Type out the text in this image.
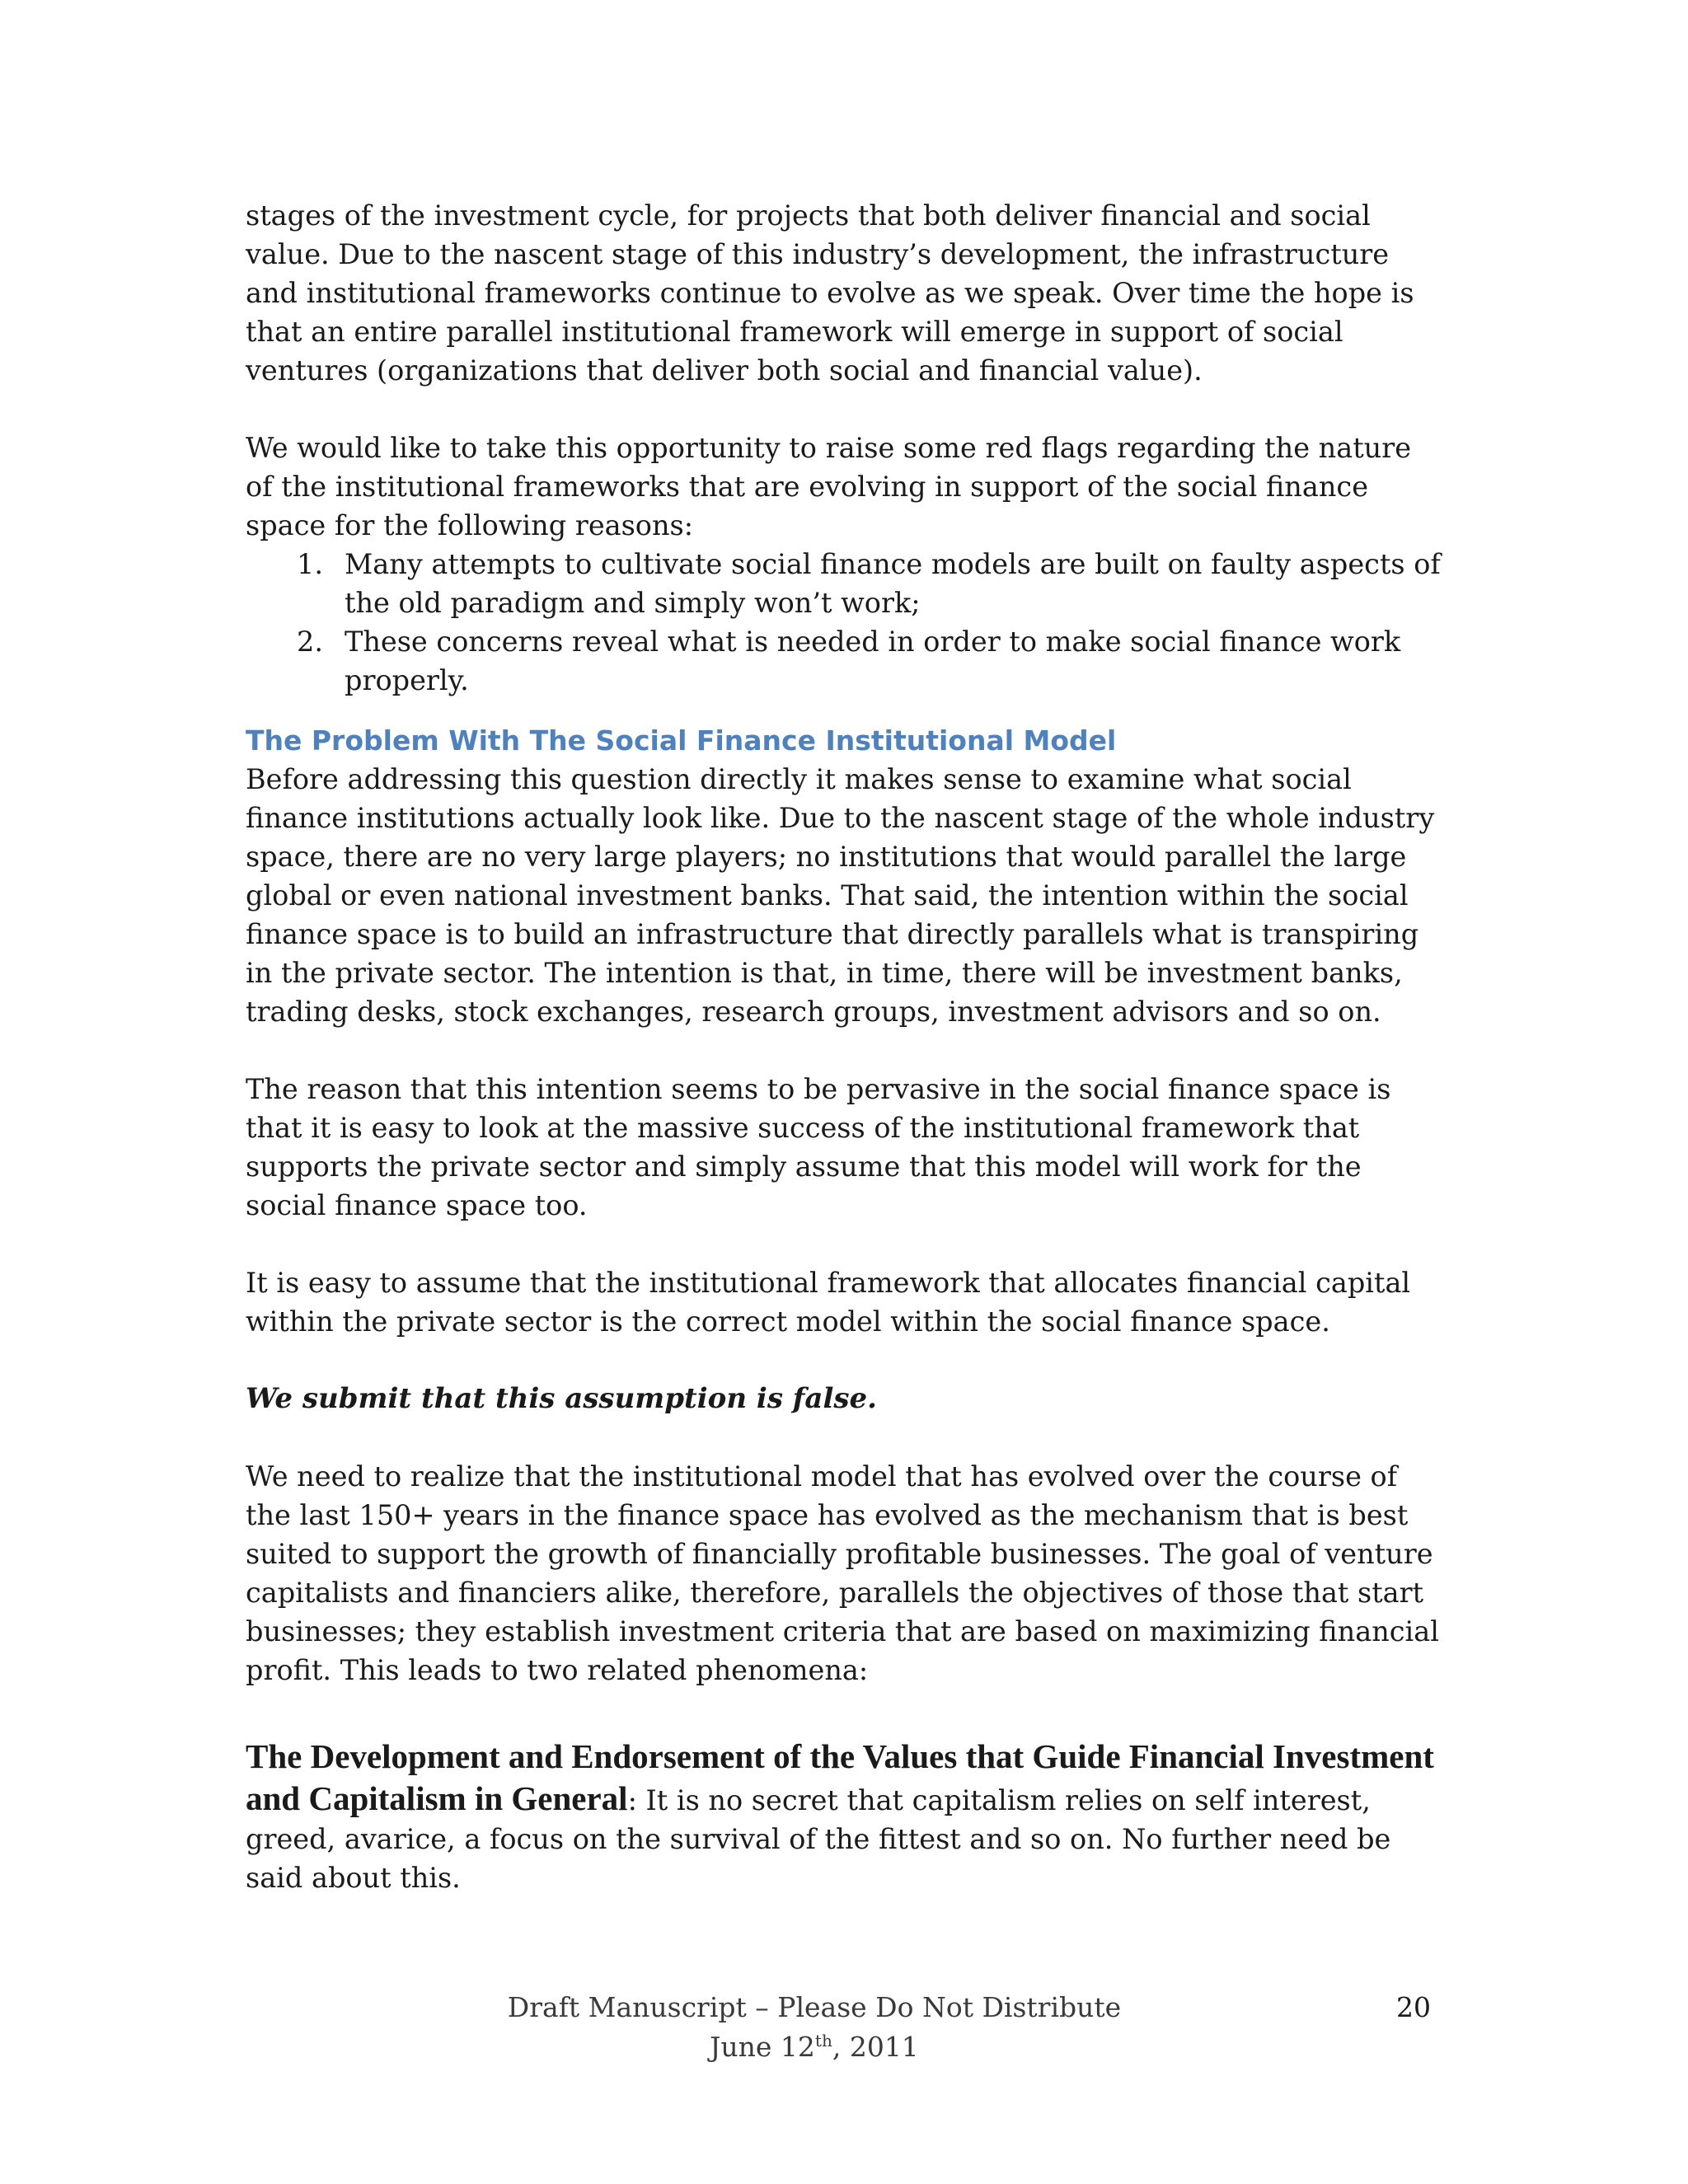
stages of the investment cycle, for projects that both deliver financial and social value. Due to the nascent stage of this industry’s development, the infrastructure and institutional frameworks continue to evolve as we speak. Over time the hope is that an entire parallel institutional framework will emerge in support of social ventures (organizations that deliver both social and financial value).

We would like to take this opportunity to raise some red flags regarding the nature of the institutional frameworks that are evolving in support of the social finance space for the following reasons:

1. Many attempts to cultivate social finance models are built on faulty aspects of the old paradigm and simply won’t work;
2. These concerns reveal what is needed in order to make social finance work properly.
The Problem With The Social Finance Institutional Model

Before addressing this question directly it makes sense to examine what social finance institutions actually look like. Due to the nascent stage of the whole industry space, there are no very large players; no institutions that would parallel the large global or even national investment banks. That said, the intention within the social finance space is to build an infrastructure that directly parallels what is transpiring in the private sector. The intention is that, in time, there will be investment banks, trading desks, stock exchanges, research groups, investment advisors and so on.

The reason that this intention seems to be pervasive in the social finance space is that it is easy to look at the massive success of the institutional framework that supports the private sector and simply assume that this model will work for the social finance space too.

It is easy to assume that the institutional framework that allocates financial capital within the private sector is the correct model within the social finance space.

We submit that this assumption is false.

We need to realize that the institutional model that has evolved over the course of the last 150+ years in the finance space has evolved as the mechanism that is best suited to support the growth of financially profitable businesses. The goal of venture capitalists and financiers alike, therefore, parallels the objectives of those that start businesses; they establish investment criteria that are based on maximizing financial profit. This leads to two related phenomena:

The Development and Endorsement of the Values that Guide Financial Investment and Capitalism in General: It is no secret that capitalism relies on self interest, greed, avarice, a focus on the survival of the fittest and so on. No further need be said about this.

Draft Manuscript – Please Do Not Distribute
June 12th, 2011
20
